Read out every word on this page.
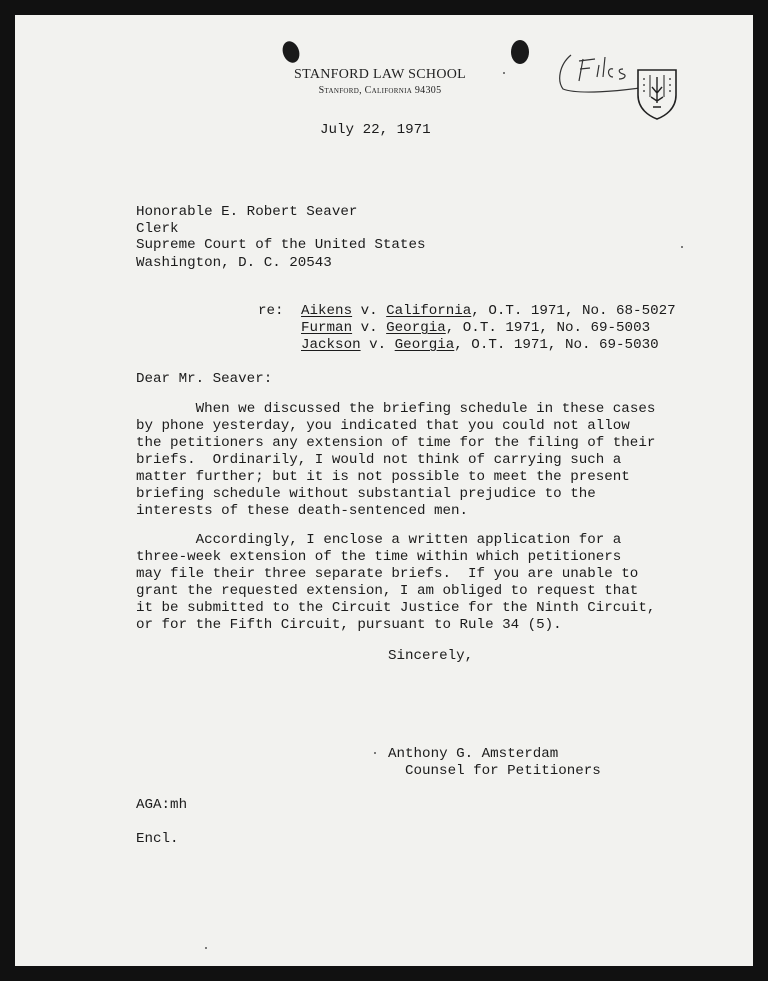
STANFORD LAW SCHOOL
Stanford, California 94305
July 22, 1971
Honorable E. Robert Seaver
Clerk
Supreme Court of the United States
Washington, D. C. 20543
re: Aikens v. California, O.T. 1971, No. 68-5027
Furman v. Georgia, O.T. 1971, No. 69-5003
Jackson v. Georgia, O.T. 1971, No. 69-5030
Dear Mr. Seaver:
When we discussed the briefing schedule in these cases
by phone yesterday, you indicated that you could not allow
the petitioners any extension of time for the filing of their
briefs.  Ordinarily, I would not think of carrying such a
matter further; but it is not possible to meet the present
briefing schedule without substantial prejudice to the
interests of these death-sentenced men.
Accordingly, I enclose a written application for a
three-week extension of the time within which petitioners
may file their three separate briefs.  If you are unable to
grant the requested extension, I am obliged to request that
it be submitted to the Circuit Justice for the Ninth Circuit,
or for the Fifth Circuit, pursuant to Rule 34 (5).
Sincerely,
Anthony G. Amsterdam
Counsel for Petitioners
AGA:mh
Encl.
